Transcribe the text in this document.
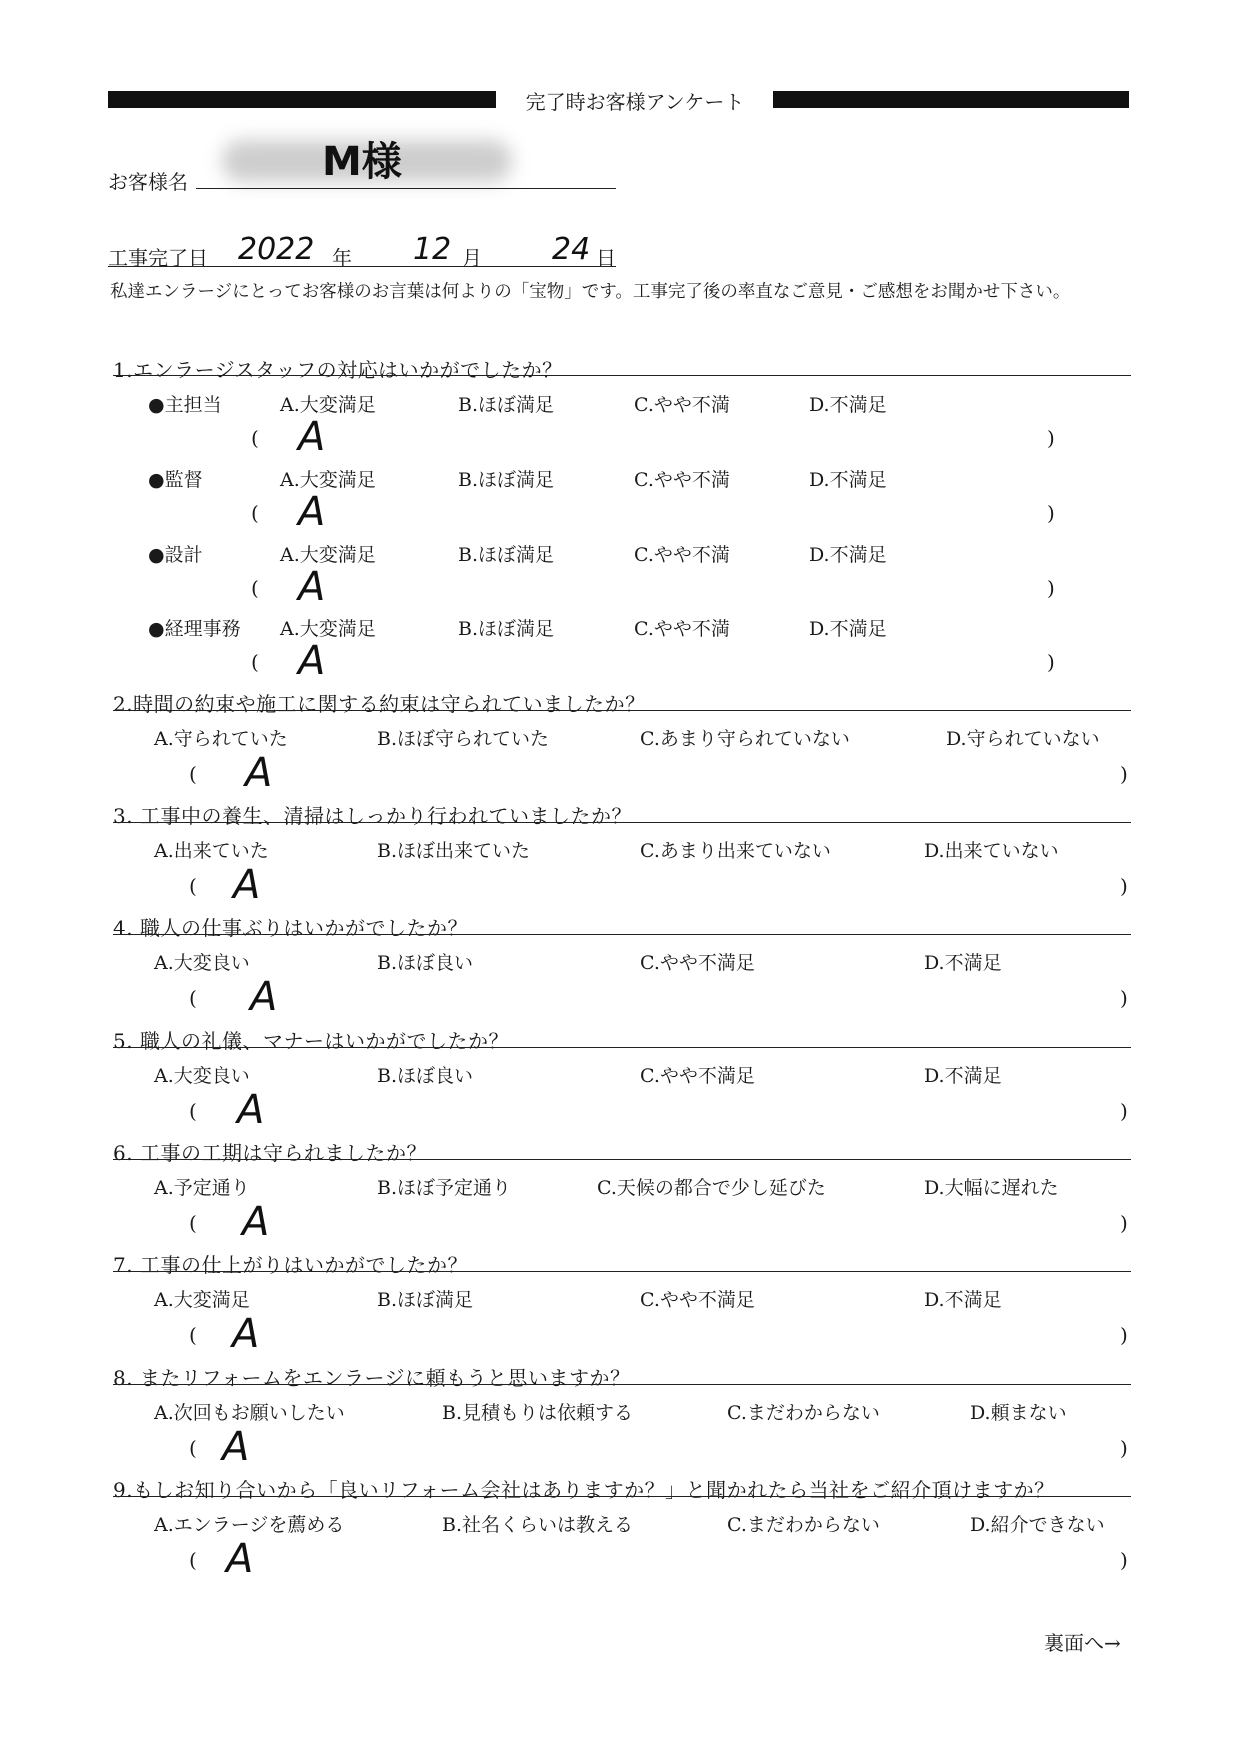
完了時お客様アンケート
お客様名	M様
工事完了日 2022 年 12 月 24 日
私達エンラージにとってお客様のお言葉は何よりの「宝物」です。工事完了後の率直なご意見・ご感想をお聞かせ下さい。
1.エンラージスタッフの対応はいかがでしたか？
●主担当	A.大変満足	B.ほぼ満足	C.やや不満	D.不満足
( A	)
●監督	A.大変満足	B.ほぼ満足	C.やや不満	D.不満足
( A	)
●設計	A.大変満足	B.ほぼ満足	C.やや不満	D.不満足
( A	)
●経理事務 A.大変満足	B.ほぼ満足	C.やや不満	D.不満足
( A	)
2.時間の約束や施工に関する約束は守られていましたか？
A.守られていた	B.ほぼ守られていた	C.あまり守られていない	D.守られていない
( A	)
3. 工事中の養生、清掃はしっかり行われていましたか？
A.出来ていた	B.ほぼ出来ていた	C.あまり出来ていない	D.出来ていない
( A	)
4. 職人の仕事ぶりはいかがでしたか？
A.大変良い	B.ほぼ良い	C.やや不満足	D.不満足
( A	)
5. 職人の礼儀、マナーはいかがでしたか？
A.大変良い	B.ほぼ良い	C.やや不満足	D.不満足
( A	)
6. 工事の工期は守られましたか？
A.予定通り	B.ほぼ予定通り	C.天候の都合で少し延びた	D.大幅に遅れた
( A	)
7. 工事の仕上がりはいかがでしたか？
A.大変満足	B.ほぼ満足	C.やや不満足	D.不満足
( A	)
8. またリフォームをエンラージに頼もうと思いますか？
A.次回もお願いしたい	B.見積もりは依頼する	C.まだわからない	D.頼まない
( A	)
9.もしお知り合いから「良いリフォーム会社はありますか？」と聞かれたら当社をご紹介頂けますか？
A.エンラージを薦める	B.社名くらいは教える	C.まだわからない	D.紹介できない
( A	)
裏面へ→
